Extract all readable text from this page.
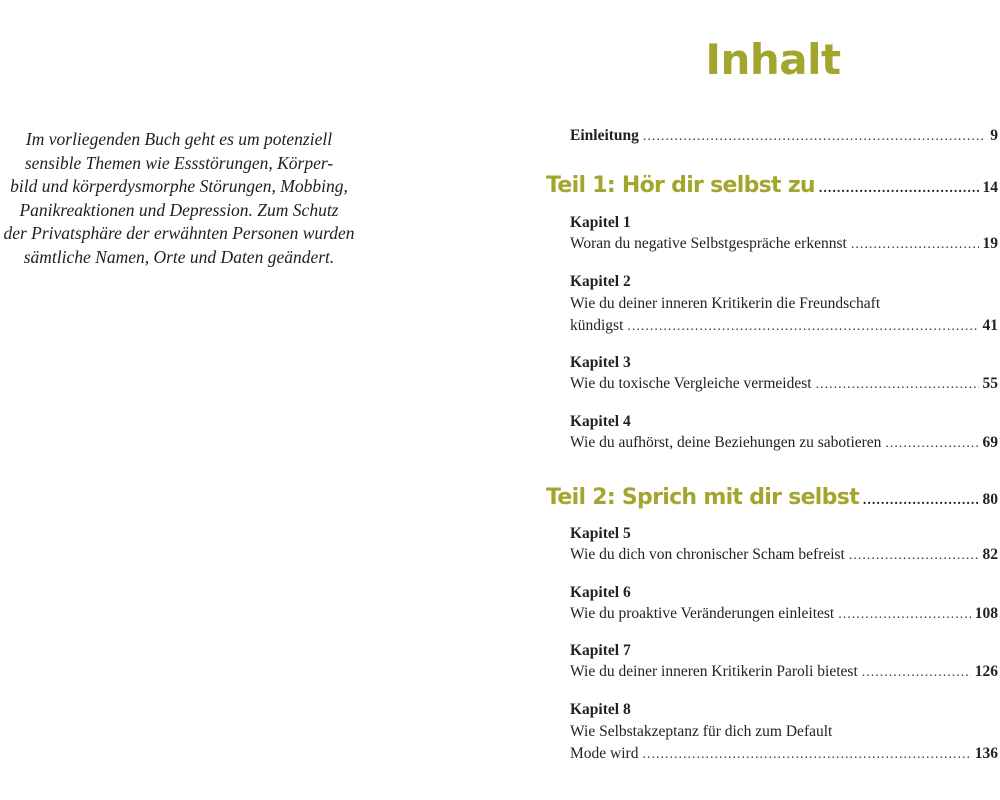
Im vorliegenden Buch geht es um potenziell
sensible Themen wie Essstörungen, Körper-
bild und körperdysmorphe Störungen, Mobbing,
Panikreaktionen und Depression. Zum Schutz
der Privatsphäre der erwähnten Personen wurden
sämtliche Namen, Orte und Daten geändert.
Inhalt
Einleitung .....	9
Teil 1: Hör dir selbst zu .....	14
Kapitel 1
Woran du negative Selbstgespräche erkennst .....	19
Kapitel 2
Wie du deiner inneren Kritikerin die Freundschaft
kündigst .....	41
Kapitel 3
Wie du toxische Vergleiche vermeidest .....	55
Kapitel 4
Wie du aufhörst, deine Beziehungen zu sabotieren .....	69
Teil 2: Sprich mit dir selbst .....	80
Kapitel 5
Wie du dich von chronischer Scham befreist .....	82
Kapitel 6
Wie du proaktive Veränderungen einleitest .....	108
Kapitel 7
Wie du deiner inneren Kritikerin Paroli bietest .....	126
Kapitel 8
Wie Selbstakzeptanz für dich zum Default
Mode wird .....	136
